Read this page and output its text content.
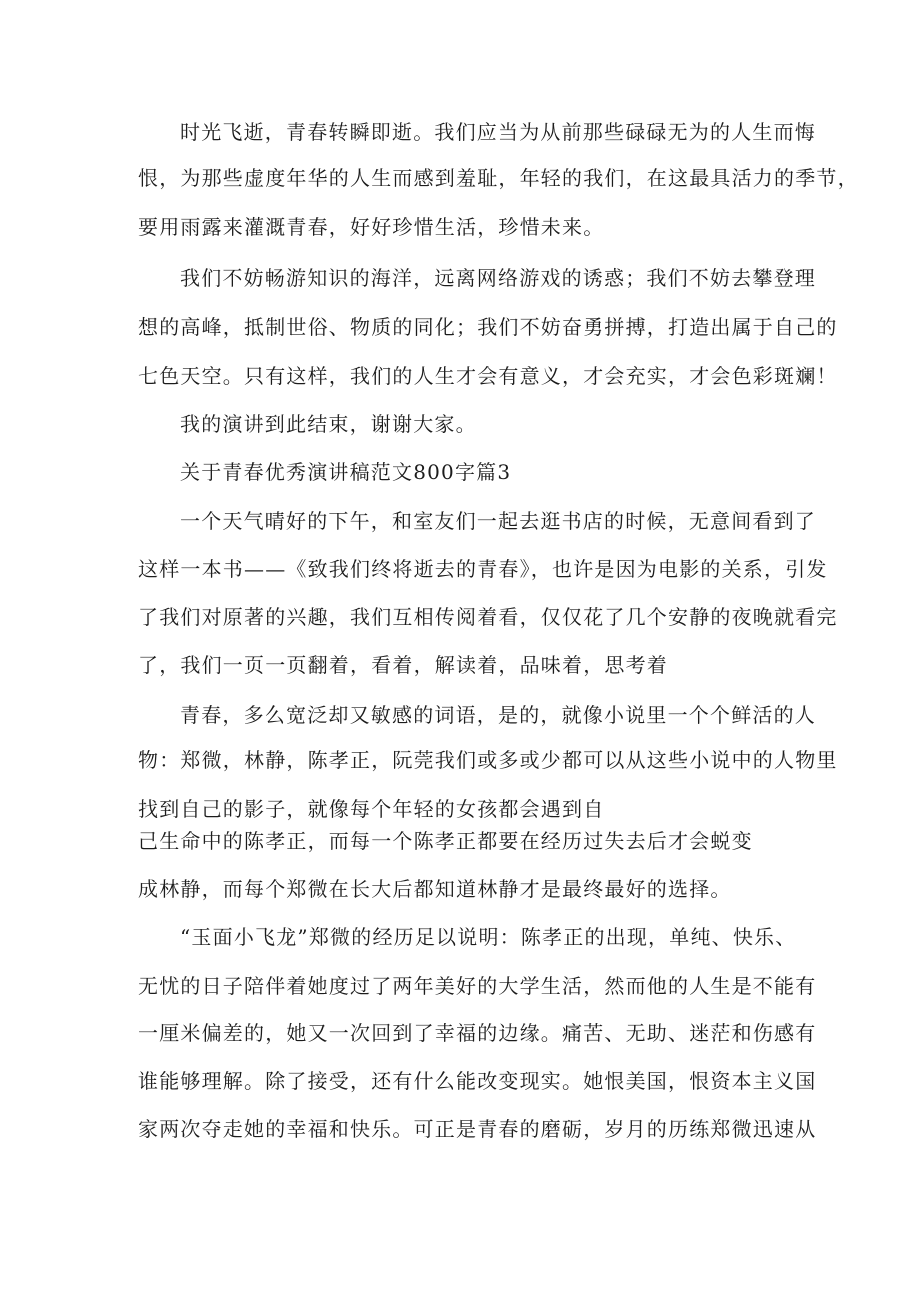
时光飞逝，青春转瞬即逝。我们应当为从前那些碌碌无为的人生而悔

恨，为那些虚度年华的人生而感到羞耻，年轻的我们，在这最具活力的季节，

要用雨露来灌溉青春，好好珍惜生活，珍惜未来。

我们不妨畅游知识的海洋，远离网络游戏的诱惑；我们不妨去攀登理

想的高峰，抵制世俗、物质的同化；我们不妨奋勇拼搏，打造出属于自己的

七色天空。只有这样，我们的人生才会有意义，才会充实，才会色彩斑斓！

我的演讲到此结束，谢谢大家。

关于青春优秀演讲稿范文800字篇3

一个天气晴好的下午，和室友们一起去逛书店的时候，无意间看到了

这样一本书——《致我们终将逝去的青春》，也许是因为电影的关系，引发

了我们对原著的兴趣，我们互相传阅着看，仅仅花了几个安静的夜晚就看完

了，我们一页一页翻着，看着，解读着，品味着，思考着

青春，多么宽泛却又敏感的词语，是的，就像小说里一个个鲜活的人

物：郑微，林静，陈孝正，阮莞我们或多或少都可以从这些小说中的人物里

找到自己的影子，就像每个年轻的女孩都会遇到自

己生命中的陈孝正，而每一个陈孝正都要在经历过失去后才会蜕变

成林静，而每个郑微在长大后都知道林静才是最终最好的选择。

“玉面小飞龙”郑微的经历足以说明：陈孝正的出现，单纯、快乐、

无忧的日子陪伴着她度过了两年美好的大学生活，然而他的人生是不能有

一厘米偏差的，她又一次回到了幸福的边缘。痛苦、无助、迷茫和伤感有

谁能够理解。除了接受，还有什么能改变现实。她恨美国，恨资本主义国

家两次夺走她的幸福和快乐。可正是青春的磨砺，岁月的历练郑微迅速从
